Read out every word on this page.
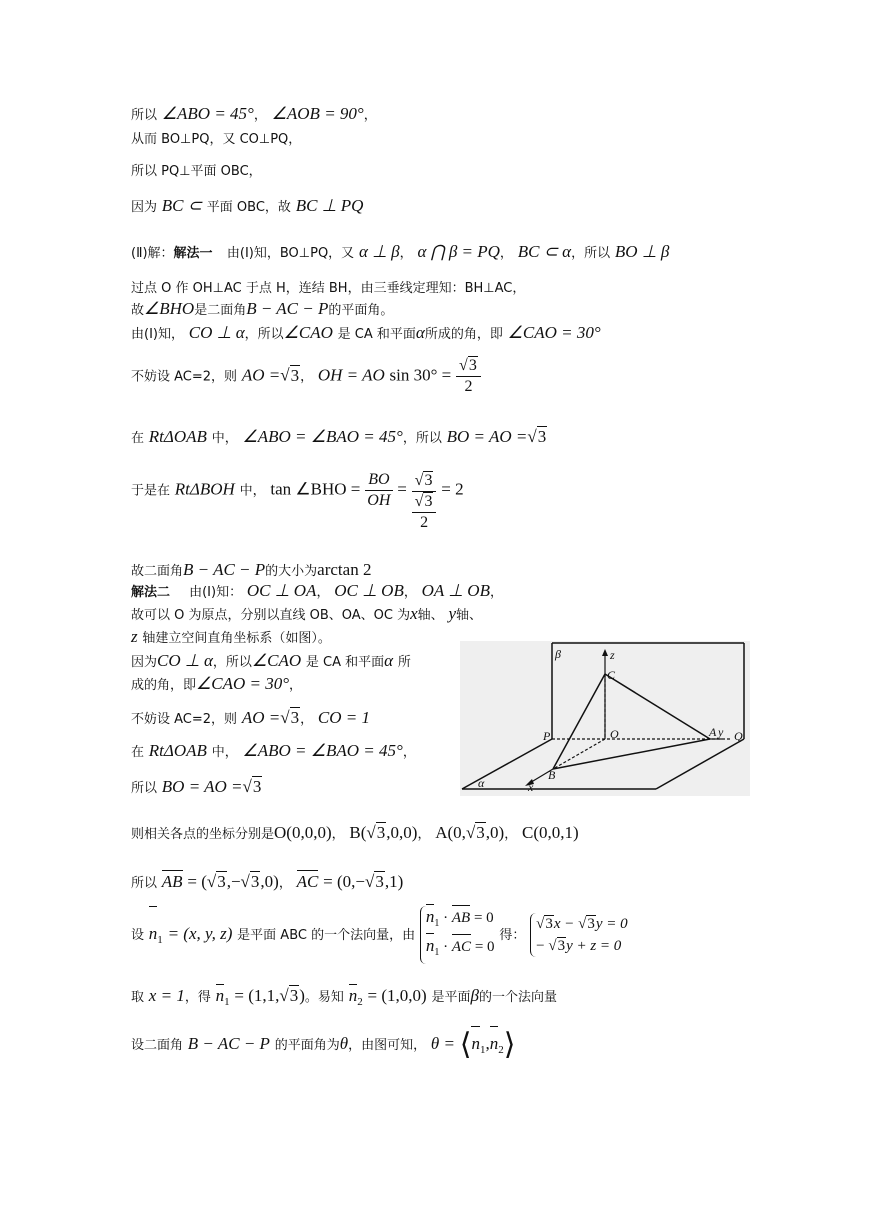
所以 ∠ABO = 45°， ∠AOB = 90°，
从而 BO⊥PQ，又 CO⊥PQ，
所以 PQ⊥平面 OBC，
因为 BC ⊂ 平面 OBC，故 BC ⊥ PQ
(Ⅱ)解：解法一 由(Ⅰ)知，BO⊥PQ，又 α ⊥ β， α ⋂ β = PQ， BC ⊂ α，所以 BO ⊥ β
过点 O 作 OH⊥AC 于点 H，连结 BH，由三垂线定理知：BH⊥AC，
故∠BHO是二面角B − AC − P的平面角。
由(Ⅰ)知， CO ⊥ α，所以∠CAO 是 CA 和平面α所成的角，即 ∠CAO = 30°
不妨设 AC=2，则 AO =√3， OH = AO $\sin 30^\circ = \frac{√3}{2}$
在 RtΔOAB 中， ∠ABO = ∠BAO = 45°，所以 BO = AO =√3
于是在 RtΔBOH 中， tan ∠BHO = $\frac{BO}{OH} = \frac{√3}{\frac{√3}{2}} = 2$
故二面角B − AC − P的大小为arctan 2
解法二 由(Ⅰ)知： OC ⊥ OA， OC ⊥ OB， OA ⊥ OB，
故可以 O 为原点，分别以直线 OB、OA、OC 为x轴、 y轴、
z 轴建立空间直角坐标系（如图）。
因为CO ⊥ α，所以∠CAO 是 CA 和平面α 所
成的角，即∠CAO = 30°，
不妨设 AC=2，则 AO =√3， CO = 1
在 RtΔOAB 中， ∠ABO = ∠BAO = 45°，
所以 BO = AO =√3
β	z
C
P	O	A y Q
B
α	x
则相关各点的坐标分别是O(0,0,0)， B(√3,0,0)， A(0,√3,0)， C(0,0,1)
所以 AB = (√3,−√3,0)， AC = (0,−√3,1)
设 $n_1 = (x$, y, z) 是平面 ABC 的一个法向量，由
$n_1$ · AB = 0
$n_1$ · AC = 0
得：
√3x − √3y = 0
− √3y + z = 0
取 x = 1，得 $n_1 = (1,1,√3)$。易知 $n_2 = (1,0,0)$ 是平面β的一个法向量
设二面角 B − AC − P 的平面角为θ，由图可知， $\theta = ⟨n_1,n_2⟩$
